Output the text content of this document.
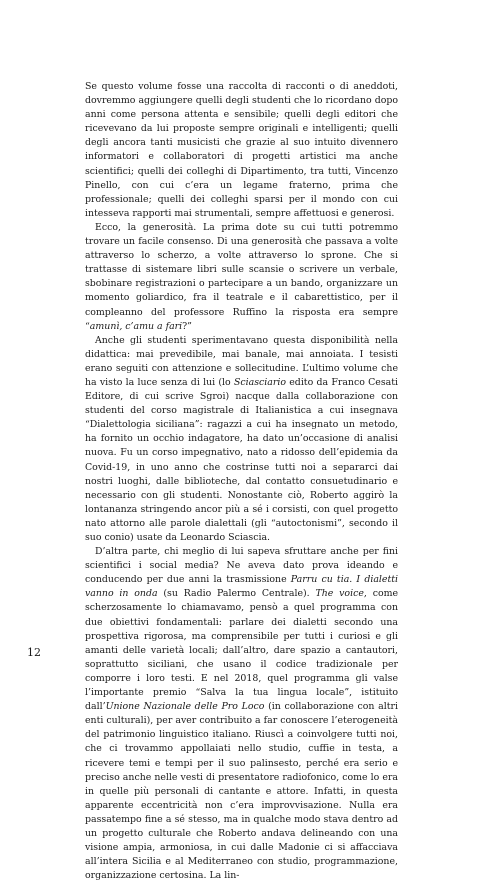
Se questo volume fosse una raccolta di racconti o di aneddoti, dovremmo aggiungere quelli degli studenti che lo ricordano dopo anni come persona attenta e sensibile; quelli degli editori che ricevevano da lui proposte sempre originali e intelligenti; quelli degli ancora tanti musicisti che grazie al suo intuito divennero informatori e collaboratori di progetti artistici ma anche scientifici; quelli dei colleghi di Dipartimento, tra tutti, Vincenzo Pinello, con cui c’era un legame fraterno, prima che professionale; quelli dei colleghi sparsi per il mondo con cui intesseva rapporti mai strumentali, sempre affettuosi e generosi.

Ecco, la generosità. La prima dote su cui tutti potremmo trovare un facile consenso. Di una generosità che passava a volte attraverso lo scherzo, a volte attraverso lo sprone. Che si trattasse di sistemare libri sulle scansie o scrivere un verbale, sbobinare registrazioni o partecipare a un bando, organizzare un momento goliardico, fra il teatrale e il cabarettistico, per il compleanno del professore Ruffino la risposta era sempre “amunì, c’amu a fari?”

Anche gli studenti sperimentavano questa disponibilità nella didattica: mai prevedibile, mai banale, mai annoiata. I tesisti erano seguiti con attenzione e sollecitudine. L’ultimo volume che ha visto la luce senza di lui (lo Sciasciario edito da Franco Cesati Editore, di cui scrive Sgroi) nacque dalla collaborazione con studenti del corso magistrale di Italianistica a cui insegnava “Dialettologia siciliana”: ragazzi a cui ha insegnato un metodo, ha fornito un occhio indagatore, ha dato un’occasione di analisi nuova. Fu un corso impegnativo, nato a ridosso dell’epidemia da Covid-19, in uno anno che costrinse tutti noi a separarci dai nostri luoghi, dalle biblioteche, dal contatto consuetudinario e necessario con gli studenti. Nonostante ciò, Roberto aggirò la lontananza stringendo ancor più a sé i corsisti, con quel progetto nato attorno alle parole dialettali (gli “autoctonismi”, secondo il suo conio) usate da Leonardo Sciascia.

D’altra parte, chi meglio di lui sapeva sfruttare anche per fini scientifici i social media? Ne aveva dato prova ideando e conducendo per due anni la trasmissione Parru cu tia. I dialetti vanno in onda (su Radio Palermo Centrale). The voice, come scherzosamente lo chiamavamo, pensò a quel programma con due obiettivi fondamentali: parlare dei dialetti secondo una prospettiva rigorosa, ma comprensibile per tutti i curiosi e gli amanti delle varietà locali; dall’altro, dare spazio a cantautori, soprattutto siciliani, che usano il codice tradizionale per comporre i loro testi. E nel 2018, quel programma gli valse l’importante premio “Salva la tua lingua locale”, istituito dall’Unione Nazionale delle Pro Loco (in collaborazione con altri enti culturali), per aver contribuito a far conoscere l’eterogeneità del patrimonio linguistico italiano. Riuscì a coinvolgere tutti noi, che ci trovammo appollaiati nello studio, cuffie in testa, a ricevere temi e tempi per il suo palinsesto, perché era serio e preciso anche nelle vesti di presentatore radiofonico, come lo era in quelle più personali di cantante e attore. Infatti, in questa apparente eccentricità non c’era improvvisazione. Nulla era passatempo fine a sé stesso, ma in qualche modo stava dentro ad un progetto culturale che Roberto andava delineando con una visione ampia, armoniosa, in cui dalle Madonie ci si affacciava all’intera Sicilia e al Mediterraneo con studio, programmazione, organizzazione certosina. La lin-

12
